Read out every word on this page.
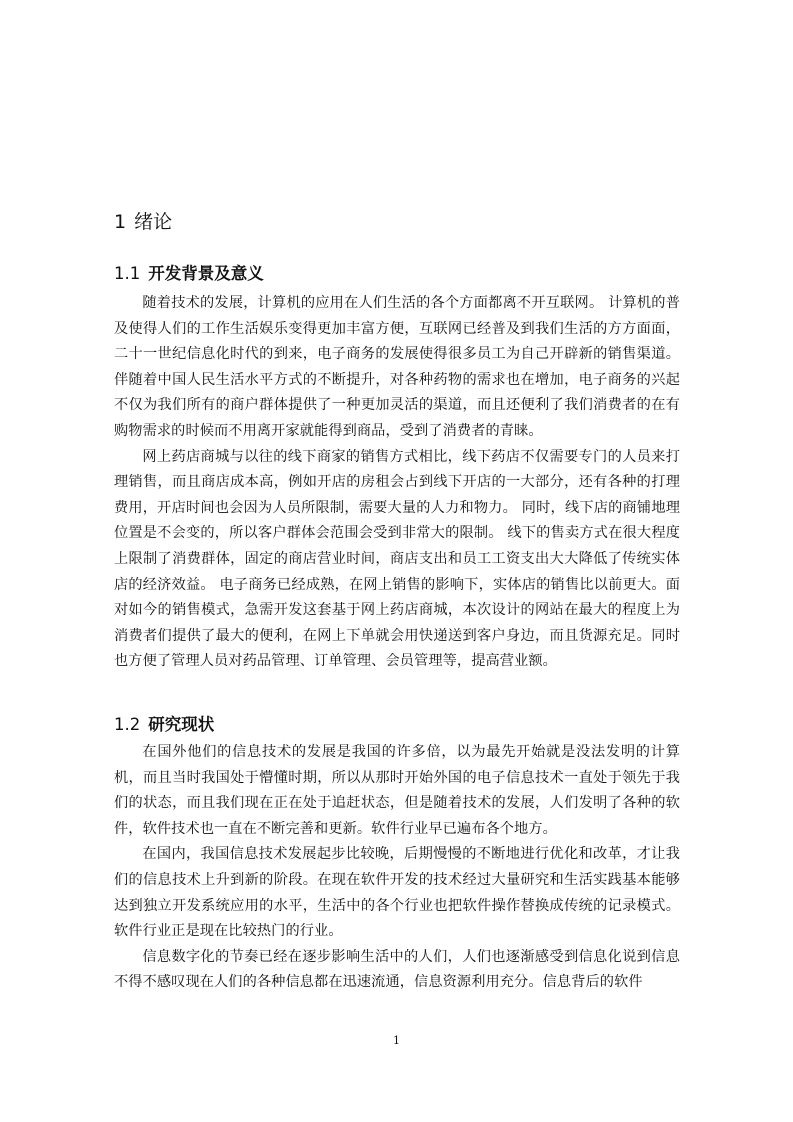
1 绪论
1.1 开发背景及意义

随着技术的发展，计算机的应用在人们生活的各个方面都离不开互联网。 计算机的普及使得人们的工作生活娱乐变得更加丰富方便，互联网已经普及到我们生活的方方面面，二十一世纪信息化时代的到来，电子商务的发展使得很多员工为自己开辟新的销售渠道。 伴随着中国人民生活水平方式的不断提升，对各种药物的需求也在增加，电子商务的兴起不仅为我们所有的商户群体提供了一种更加灵活的渠道，而且还便利了我们消费者的在有购物需求的时候而不用离开家就能得到商品，受到了消费者的青睐。

网上药店商城与以往的线下商家的销售方式相比，线下药店不仅需要专门的人员来打理销售，而且商店成本高，例如开店的房租会占到线下开店的一大部分，还有各种的打理费用，开店时间也会因为人员所限制，需要大量的人力和物力。 同时，线下店的商铺地理位置是不会变的，所以客户群体会范围会受到非常大的限制。 线下的售卖方式在很大程度上限制了消费群体，固定的商店营业时间，商店支出和员工工资支出大大降低了传统实体店的经济效益。 电子商务已经成熟，在网上销售的影响下，实体店的销售比以前更大。面对如今的销售模式，急需开发这套基于网上药店商城，本次设计的网站在最大的程度上为消费者们提供了最大的便利，在网上下单就会用快递送到客户身边，而且货源充足。同时也方便了管理人员对药品管理、订单管理、会员管理等，提高营业额。

1.2 研究现状

在国外他们的信息技术的发展是我国的许多倍，以为最先开始就是没法发明的计算机，而且当时我国处于懵懂时期，所以从那时开始外国的电子信息技术一直处于领先于我们的状态，而且我们现在正在处于追赶状态，但是随着技术的发展，人们发明了各种的软件，软件技术也一直在不断完善和更新。软件行业早已遍布各个地方。

在国内，我国信息技术发展起步比较晚，后期慢慢的不断地进行优化和改革，才让我们的信息技术上升到新的阶段。在现在软件开发的技术经过大量研究和生活实践基本能够达到独立开发系统应用的水平，生活中的各个行业也把软件操作替换成传统的记录模式。软件行业正是现在比较热门的行业。

信息数字化的节奏已经在逐步影响生活中的人们，人们也逐渐感受到信息化说到信息不得不感叹现在人们的各种信息都在迅速流通，信息资源利用充分。信息背后的软件

1
